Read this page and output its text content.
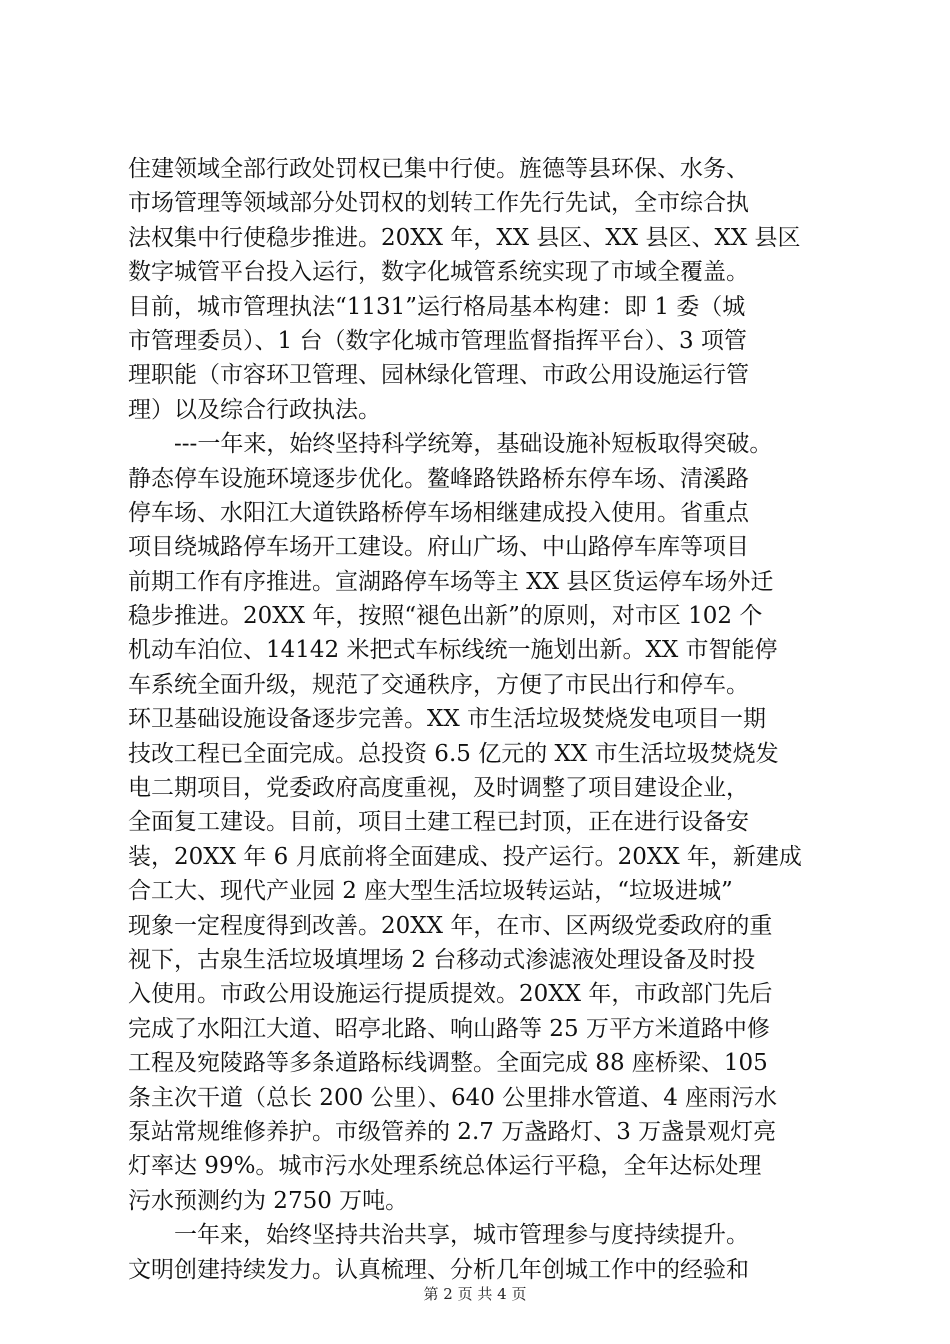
住建领域全部行政处罚权已集中行使。旌德等县环保、水务、
市场管理等领域部分处罚权的划转工作先行先试，全市综合执
法权集中行使稳步推进。20XX 年，XX 县区、XX 县区、XX 县区
数字城管平台投入运行，数字化城管系统实现了市域全覆盖。
目前，城市管理执法“1131”运行格局基本构建：即 1 委（城
市管理委员）、1 台（数字化城市管理监督指挥平台）、3 项管
理职能（市容环卫管理、园林绿化管理、市政公用设施运行管
理）以及综合行政执法。
　　---一年来，始终坚持科学统筹，基础设施补短板取得突破。
静态停车设施环境逐步优化。鳌峰路铁路桥东停车场、清溪路
停车场、水阳江大道铁路桥停车场相继建成投入使用。省重点
项目绕城路停车场开工建设。府山广场、中山路停车库等项目
前期工作有序推进。宣湖路停车场等主 XX 县区货运停车场外迁
稳步推进。20XX 年，按照“褪色出新”的原则，对市区 102 个
机动车泊位、14142 米把式车标线统一施划出新。XX 市智能停
车系统全面升级，规范了交通秩序，方便了市民出行和停车。
环卫基础设施设备逐步完善。XX 市生活垃圾焚烧发电项目一期
技改工程已全面完成。总投资 6.5 亿元的 XX 市生活垃圾焚烧发
电二期项目，党委政府高度重视，及时调整了项目建设企业，
全面复工建设。目前，项目土建工程已封顶，正在进行设备安
装，20XX 年 6 月底前将全面建成、投产运行。20XX 年，新建成
合工大、现代产业园 2 座大型生活垃圾转运站，“垃圾进城”
现象一定程度得到改善。20XX 年，在市、区两级党委政府的重
视下，古泉生活垃圾填埋场 2 台移动式渗滤液处理设备及时投
入使用。市政公用设施运行提质提效。20XX 年，市政部门先后
完成了水阳江大道、昭亭北路、响山路等 25 万平方米道路中修
工程及宛陵路等多条道路标线调整。全面完成 88 座桥梁、105
条主次干道（总长 200 公里）、640 公里排水管道、4 座雨污水
泵站常规维修养护。市级管养的 2.7 万盏路灯、3 万盏景观灯亮
灯率达 99%。城市污水处理系统总体运行平稳，全年达标处理
污水预测约为 2750 万吨。
　　一年来，始终坚持共治共享，城市管理参与度持续提升。
文明创建持续发力。认真梳理、分析几年创城工作中的经验和
第 2 页 共 4 页
